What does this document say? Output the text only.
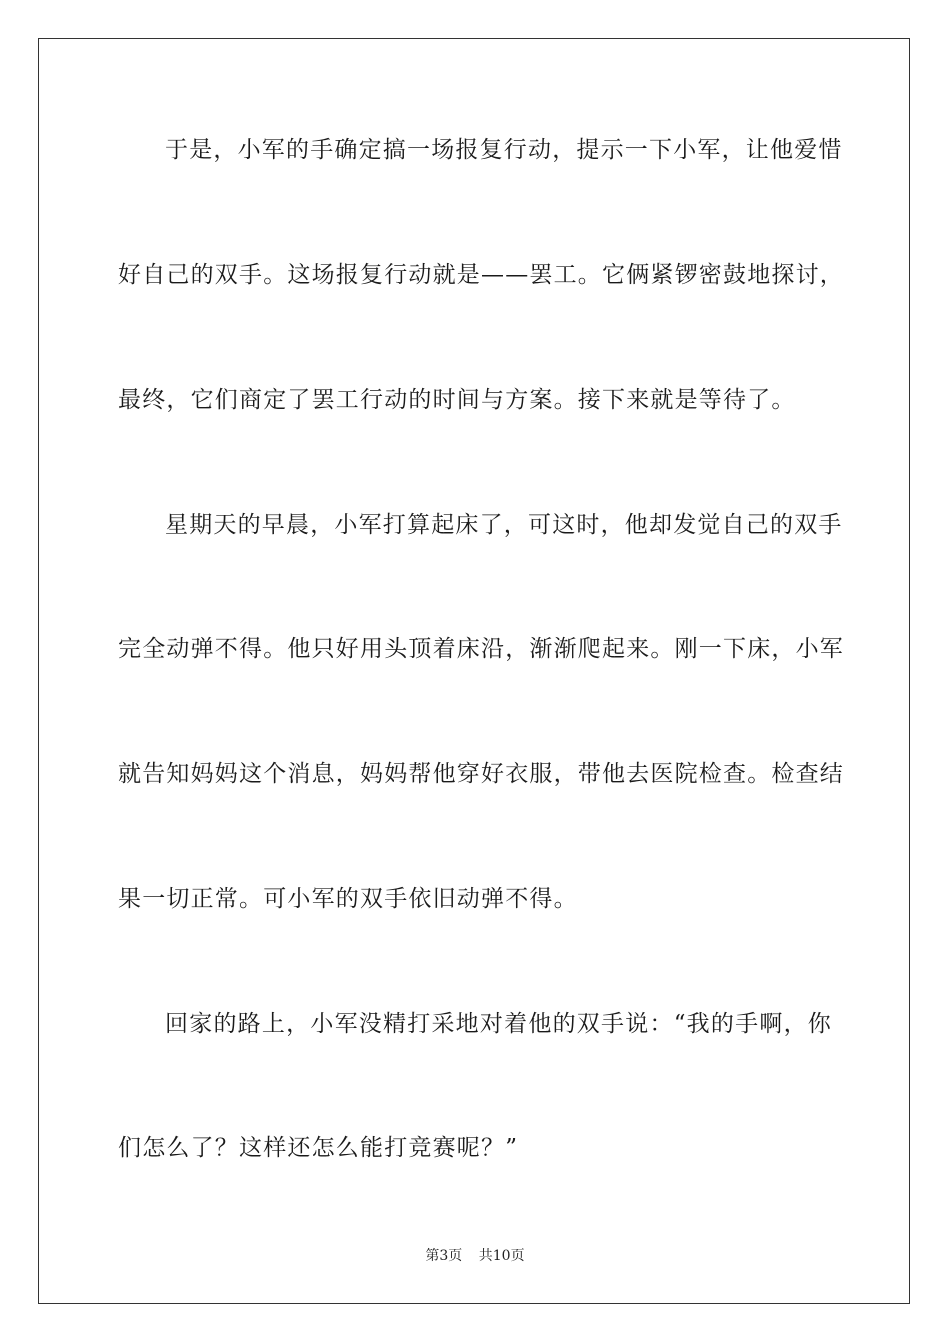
于是，小军的手确定搞一场报复行动，提示一下小军，让他爱惜
好自己的双手。这场报复行动就是——罢工。它俩紧锣密鼓地探讨，
最终，它们商定了罢工行动的时间与方案。接下来就是等待了。
星期天的早晨，小军打算起床了，可这时，他却发觉自己的双手
完全动弹不得。他只好用头顶着床沿，渐渐爬起来。刚一下床，小军
就告知妈妈这个消息，妈妈帮他穿好衣服，带他去医院检查。检查结
果一切正常。可小军的双手依旧动弹不得。
回家的路上，小军没精打采地对着他的双手说：“我的手啊，你
们怎么了？这样还怎么能打竞赛呢？”
第3页 共10页
